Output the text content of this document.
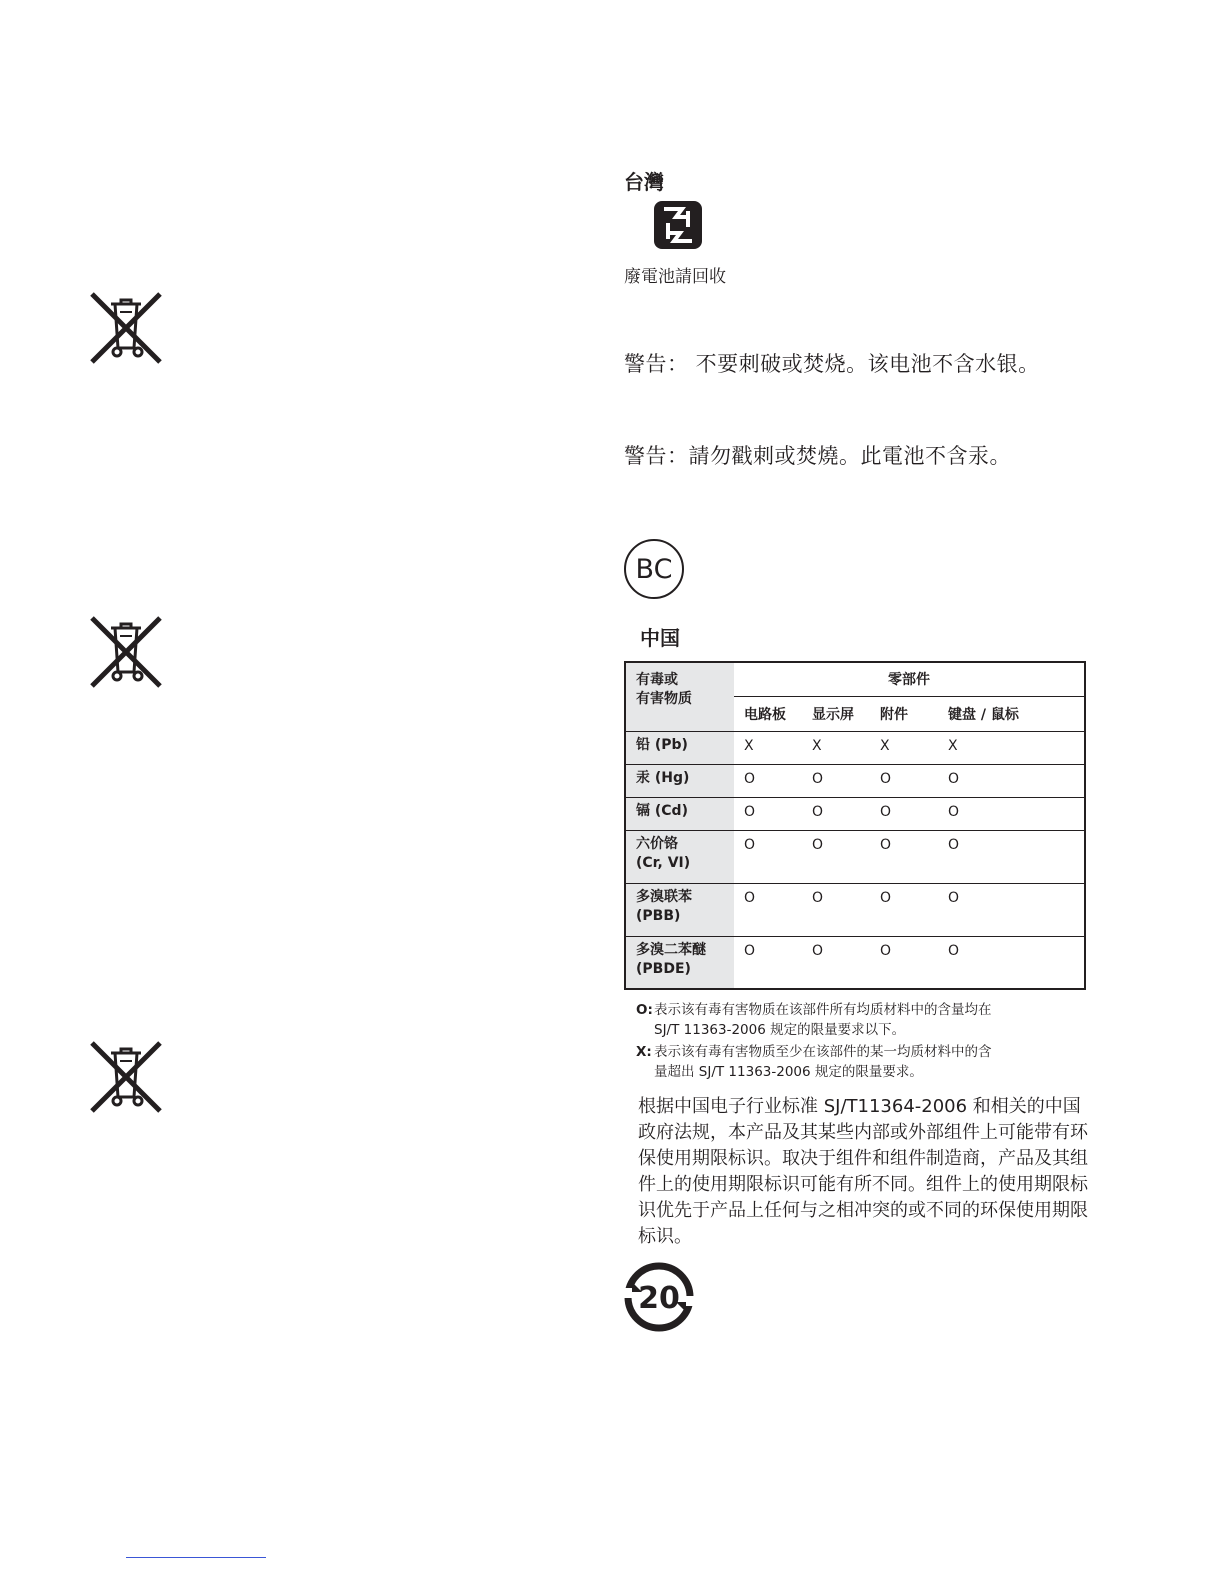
台灣
廢電池請回收
警告： 不要刺破或焚烧。该电池不含水银。
警告：請勿戳刺或焚燒。此電池不含汞。
BC
中国
有毒或
有害物质	零部件			
	电路板	显示屏	附件	键盘 / 鼠标

铅 (Pb)	X	X	X	X

汞 (Hg)	O	O	O	O

镉 (Cd)	O	O	O	O

六价铬
(Cr, VI)	O	O	O	O

多溴联苯
(PBB)	O	O	O	O

多溴二苯醚
(PBDE)	O	O	O	O
O:表示该有毒有害物质在该部件所有均质材料中的含量均在
SJ/T 11363-2006 规定的限量要求以下。
X: 表示该有毒有害物质至少在该部件的某一均质材料中的含
量超出 SJ/T 11363-2006 规定的限量要求。
根据中国电子行业标准 SJ/T11364-2006 和相关的中国政府法规，本产品及其某些内部或外部组件上可能带有环保使用期限标识。取决于组件和组件制造商，产品及其组件上的使用期限标识可能有所不同。组件上的使用期限标识优先于产品上任何与之相冲突的或不同的环保使用期限标识。
20
